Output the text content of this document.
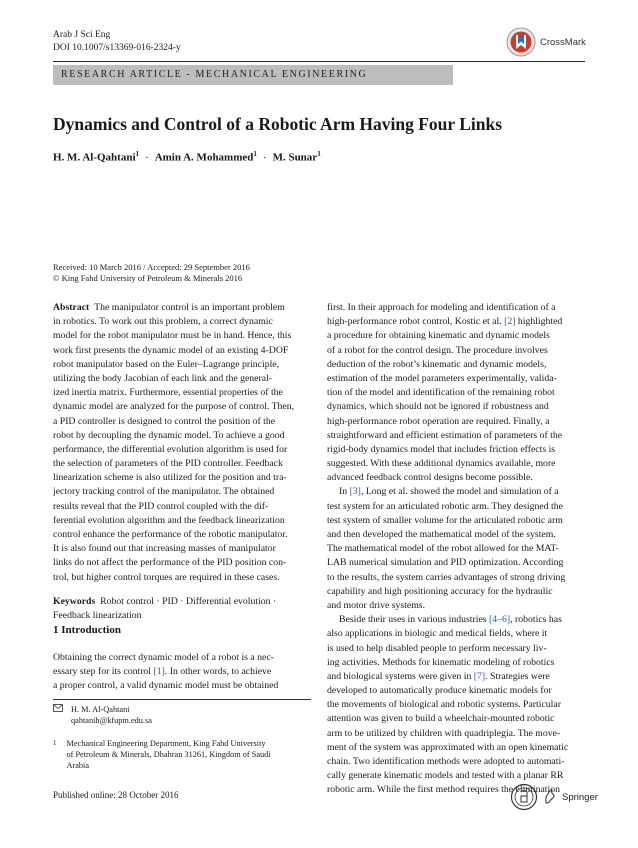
Arab J Sci Eng
DOI 10.1007/s13369-016-2324-y
CrossMark
RESEARCH ARTICLE - MECHANICAL ENGINEERING
Dynamics and Control of a Robotic Arm Having Four Links
H. M. Al-Qahtani$^1$ · Amin A. Mohammed$^1$ · M. Sunar$^1$
Received: 10 March 2016 / Accepted: 29 September 2016
© King Fahd University of Petroleum & Minerals 2016
Abstract The manipulator control is an important problem
in robotics. To work out this problem, a correct dynamic
model for the robot manipulator must be in hand. Hence, this
work first presents the dynamic model of an existing 4-DOF
robot manipulator based on the Euler–Lagrange principle,
utilizing the body Jacobian of each link and the general-
ized inertia matrix. Furthermore, essential properties of the
dynamic model are analyzed for the purpose of control. Then,
a PID controller is designed to control the position of the
robot by decoupling the dynamic model. To achieve a good
performance, the differential evolution algorithm is used for
the selection of parameters of the PID controller. Feedback
linearization scheme is also utilized for the position and tra-
jectory tracking control of the manipulator. The obtained
results reveal that the PID control coupled with the dif-
ferential evolution algorithm and the feedback linearization
control enhance the performance of the robotic manipulator.
It is also found out that increasing masses of manipulator
links do not affect the performance of the PID position con-
trol, but higher control torques are required in these cases.
Keywords Robot control · PID · Differential evolution ·
Feedback linearization
1 Introduction
Obtaining the correct dynamic model of a robot is a nec-
essary step for its control [1]. In other words, to achieve
a proper control, a valid dynamic model must be obtained
H. M. Al-Qahtani
qahtanih@kfupm.edu.sa
1 Mechanical Engineering Department, King Fahd University
of Petroleum & Minerals, Dhahran 31261, Kingdom of Saudi
Arabia
first. In their approach for modeling and identification of a
high-performance robot control, Kostic et al. [2] highlighted
a procedure for obtaining kinematic and dynamic models
of a robot for the control design. The procedure involves
deduction of the robot’s kinematic and dynamic models,
estimation of the model parameters experimentally, valida-
tion of the model and identification of the remaining robot
dynamics, which should not be ignored if robustness and
high-performance robot operation are required. Finally, a
straightforward and efficient estimation of parameters of the
rigid-body dynamics model that includes friction effects is
suggested. With these additional dynamics available, more
advanced feedback control designs become possible.
In [3], Long et al. showed the model and simulation of a
test system for an articulated robotic arm. They designed the
test system of smaller volume for the articulated robotic arm
and then developed the mathematical model of the system.
The mathematical model of the robot allowed for the MAT-
LAB numerical simulation and PID optimization. According
to the results, the system carries advantages of strong driving
capability and high positioning accuracy for the hydraulic
and motor drive systems.
Beside their uses in various industries [4–6], robotics has
also applications in biologic and medical fields, where it
is used to help disabled people to perform necessary liv-
ing activities. Methods for kinematic modeling of robotics
and biological systems were given in [7]. Strategies were
developed to automatically produce kinematic models for
the movements of biological and robotic systems. Particular
attention was given to build a wheelchair-mounted robotic
arm to be utilized by children with quadriplegia. The move-
ment of the system was approximated with an open kinematic
chain. Two identification methods were adopted to automati-
cally generate kinematic models and tested with a planar RR
robotic arm. While the first method requires the elimination
Published online: 28 October 2016	Springer
